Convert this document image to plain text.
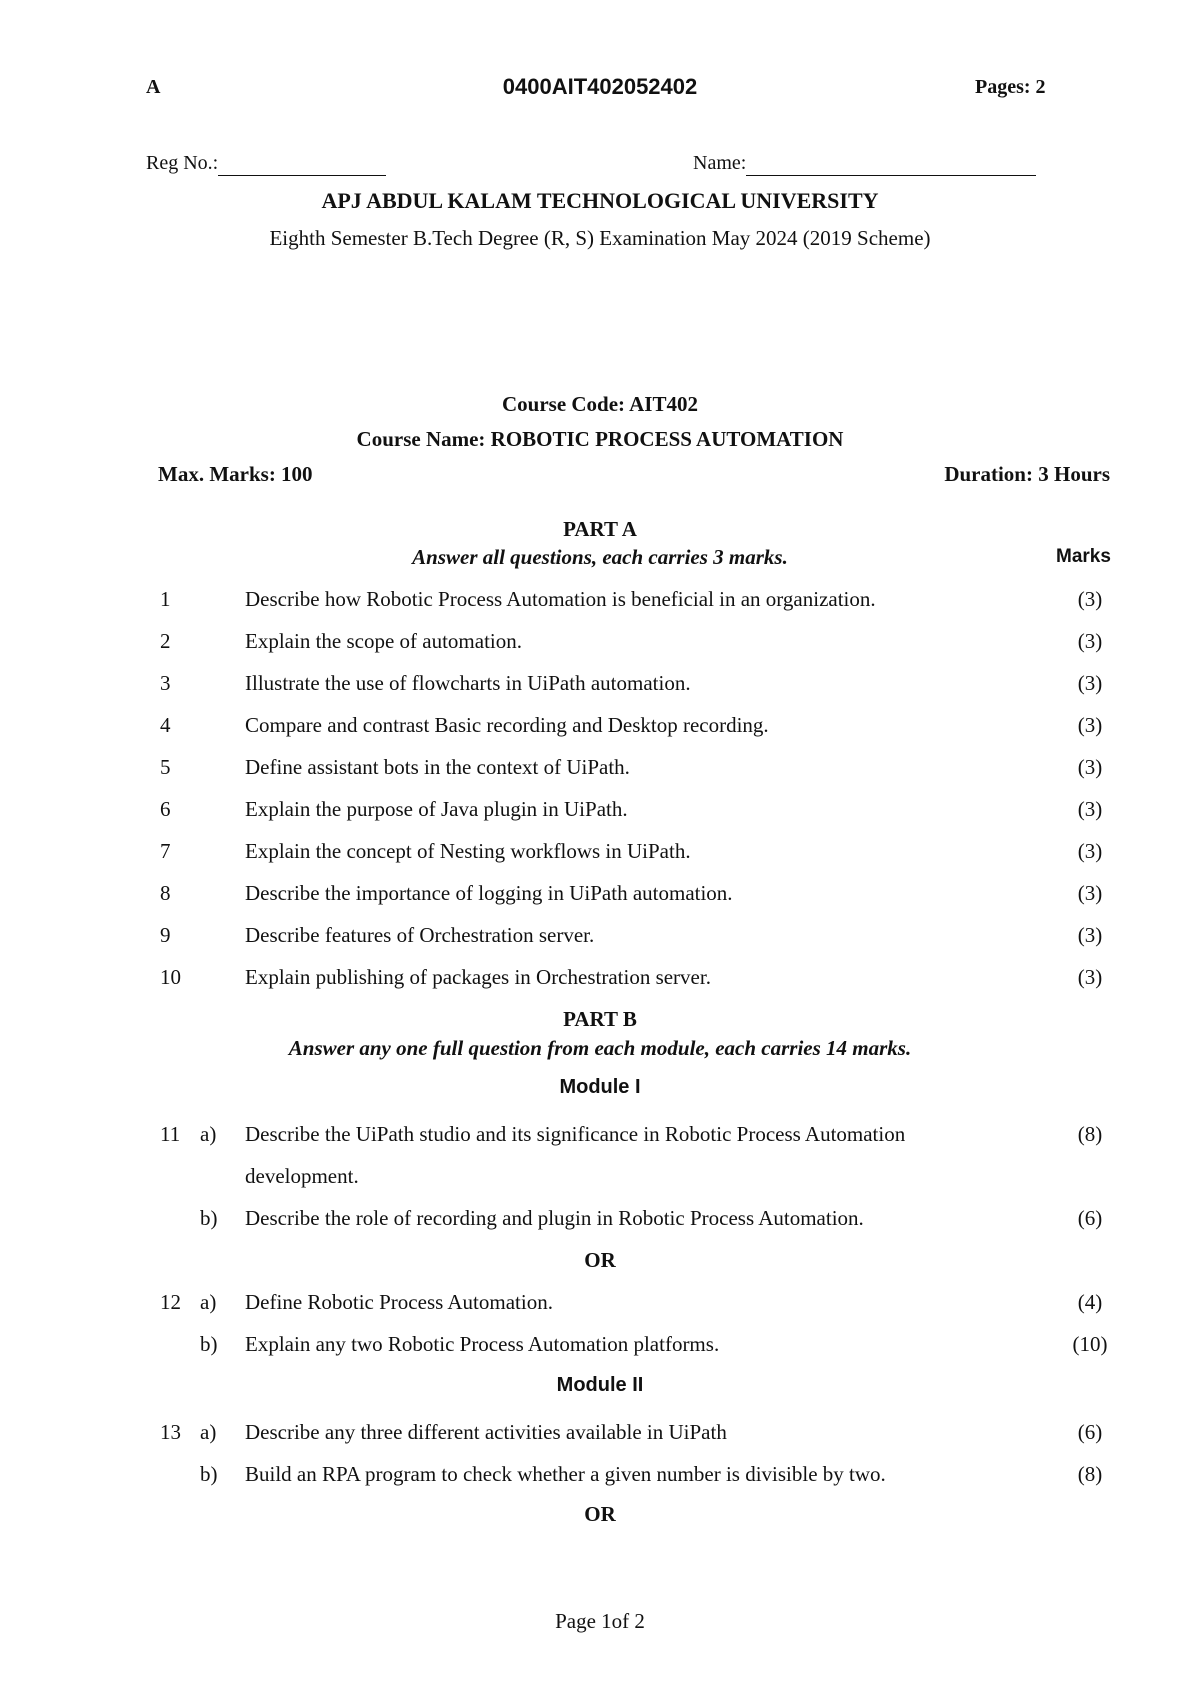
A	0400AIT402052402	Pages: 2
Reg No.:	Name:
APJ ABDUL KALAM TECHNOLOGICAL UNIVERSITY
Eighth Semester B.Tech Degree (R, S) Examination May 2024 (2019 Scheme)
Course Code: AIT402
Course Name: ROBOTIC PROCESS AUTOMATION
Max. Marks: 100	Duration: 3 Hours
PART A
Answer all questions, each carries 3 marks.	Marks
1	Describe how Robotic Process Automation is beneficial in an organization.	(3)
2	Explain the scope of automation.	(3)
3	Illustrate the use of flowcharts in UiPath automation.	(3)
4	Compare and contrast Basic recording and Desktop recording.	(3)
5	Define assistant bots in the context of UiPath.	(3)
6	Explain the purpose of Java plugin in UiPath.	(3)
7	Explain the concept of Nesting workflows in UiPath.	(3)
8	Describe the importance of logging in UiPath automation.	(3)
9	Describe features of Orchestration server.	(3)
10	Explain publishing of packages in Orchestration server.	(3)
PART B
Answer any one full question from each module, each carries 14 marks.
Module I
11 a) Describe the UiPath studio and its significance in Robotic Process Automation	(8)
development.
b) Describe the role of recording and plugin in Robotic Process Automation.	(6)
OR
12 a) Define Robotic Process Automation.	(4)
b) Explain any two Robotic Process Automation platforms.	(10)
Module II
13 a) Describe any three different activities available in UiPath	(6)
b) Build an RPA program to check whether a given number is divisible by two.	(8)
OR
Page 1of 2
